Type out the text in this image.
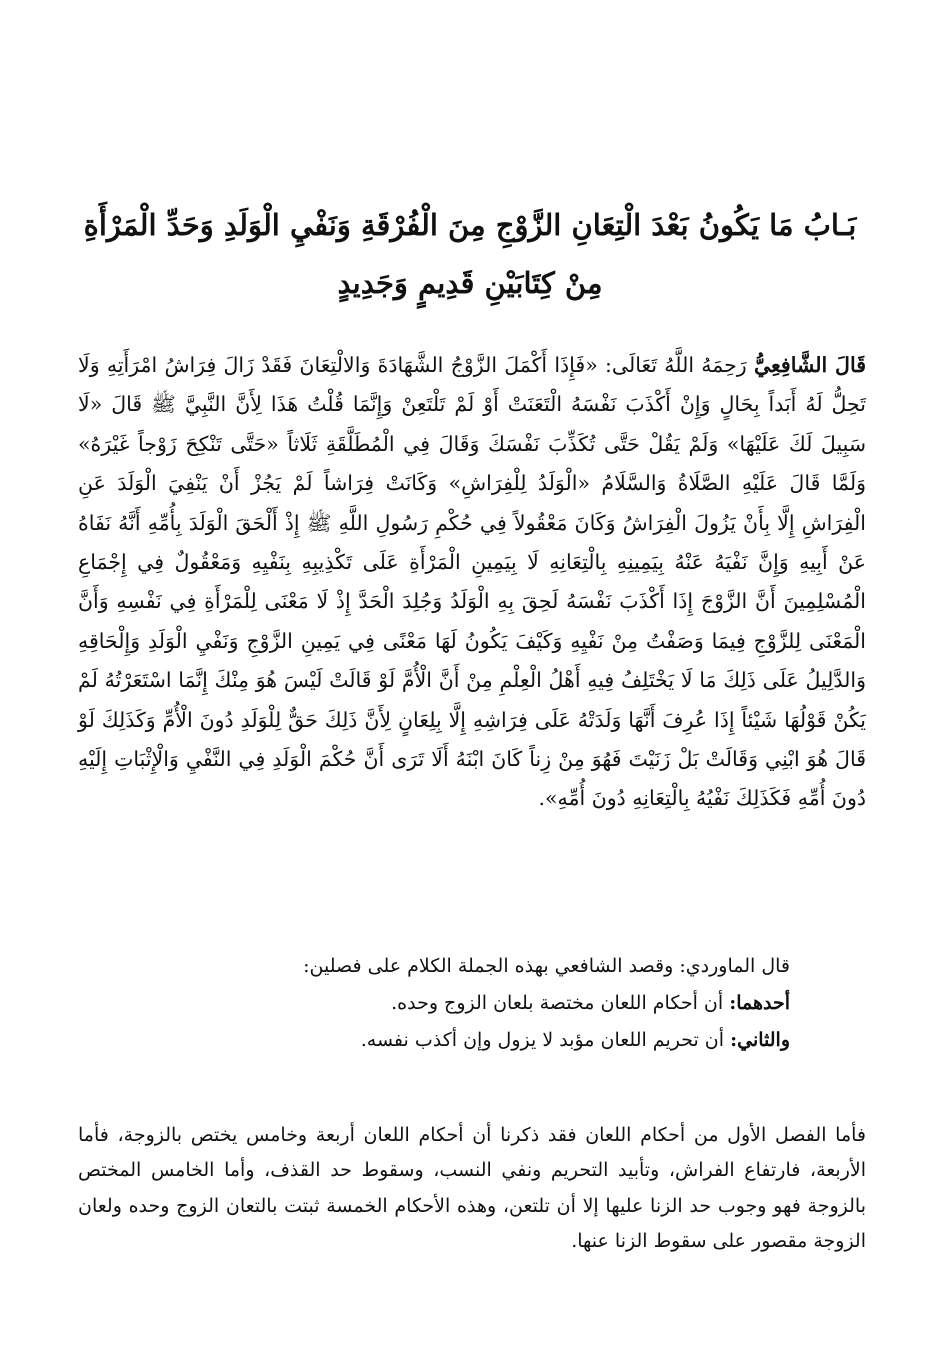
بَـابُ مَا يَكُونُ بَعْدَ الْتِعَانِ الزَّوْجِ مِنَ الْفُرْقَةِ وَنَفْيِ الْوَلَدِ وَحَدِّ الْمَرْأَةِ مِنْ كِتَابَيْنِ قَدِيمٍ وَجَدِيدٍ

قَالَ الشَّافِعِيُّ رَحِمَهُ اللَّهُ تَعَالَى: «فَإِذَا أَكْمَلَ الزَّوْجُ الشَّهَادَةَ وَالالْتِعَانَ فَقَدْ زَالَ فِرَاشُ امْرَأَتِهِ وَلَا تَحِلُّ لَهُ أَبَداً بِحَالٍ وَإِنْ أَكْذَبَ نَفْسَهُ الْتَعَنَتْ أَوْ لَمْ تَلْتَعِنْ وَإِنَّمَا قُلْتُ هَذَا لِأَنَّ النَّبِيَّ ﷺ قَالَ «لَا سَبِيلَ لَكَ عَلَيْهَا» وَلَمْ يَقُلْ حَتَّى تُكَذِّبَ نَفْسَكَ وَقَالَ فِي الْمُطَلَّقَةِ ثَلَاثاً «حَتَّى تَنْكِحَ زَوْجاً غَيْرَهُ» وَلَمَّا قَالَ عَلَيْهِ الصَّلَاةُ وَالسَّلَامُ «الْوَلَدُ لِلْفِرَاشِ» وَكَانَتْ فِرَاشاً لَمْ يَجُزْ أَنْ يَنْفِيَ الْوَلَدَ عَنِ الْفِرَاشِ إِلَّا بِأَنْ يَزُولَ الْفِرَاشُ وَكَانَ مَعْقُولاً فِي حُكْمِ رَسُولِ اللَّهِ ﷺ إِذْ أَلْحَقَ الْوَلَدَ بِأُمِّهِ أَنَّهُ نَفَاهُ عَنْ أَبِيهِ وَإِنَّ نَفْيَهُ عَنْهُ بِيَمِينِهِ بِالْتِعَانِهِ لَا بِيَمِينِ الْمَرْأَةِ عَلَى تَكْذِيبِهِ بِنَفْيِهِ وَمَعْقُولٌ فِي إِجْمَاعِ الْمُسْلِمِينَ أَنَّ الزَّوْجَ إِذَا أَكْذَبَ نَفْسَهُ لَحِقَ بِهِ الْوَلَدُ وَجُلِدَ الْحَدَّ إِذْ لَا مَعْنَى لِلْمَرْأَةِ فِي نَفْسِهِ وَأَنَّ الْمَعْنَى لِلزَّوْجِ فِيمَا وَصَفْتُ مِنْ نَفْيِهِ وَكَيْفَ يَكُونُ لَهَا مَعْنًى فِي يَمِينِ الزَّوْجِ وَنَفْيِ الْوَلَدِ وَإِلْحَاقِهِ وَالدَّلِيلُ عَلَى ذَلِكَ مَا لَا يَخْتَلِفُ فِيهِ أَهْلُ الْعِلْمِ مِنْ أَنَّ الْأُمَّ لَوْ قَالَتْ لَيْسَ هُوَ مِنْكَ إِنَّمَا اسْتَعَرْتُهُ لَمْ يَكُنْ قَوْلُهَا شَيْئاً إِذَا عُرِفَ أَنَّهَا وَلَدَتْهُ عَلَى فِرَاشِهِ إِلَّا بِلِعَانٍ لِأَنَّ ذَلِكَ حَقٌّ لِلْوَلَدِ دُونَ الْأُمِّ وَكَذَلِكَ لَوْ قَالَ هُوَ ابْنِي وَقَالَتْ بَلْ زَنَيْتَ فَهُوَ مِنْ زِناً كَانَ ابْنَهُ أَلَا تَرَى أَنَّ حُكْمَ الْوَلَدِ فِي النَّفْيِ وَالْإِثْبَاتِ إِلَيْهِ دُونَ أُمِّهِ فَكَذَلِكَ نَفْيُهُ بِالْتِعَانِهِ دُونَ أُمِّهِ».

قال الماوردي: وقصد الشافعي بهذه الجملة الكلام على فصلين:
أحدهما: أن أحكام اللعان مختصة بلعان الزوج وحده.
والثاني: أن تحريم اللعان مؤبد لا يزول وإن أكذب نفسه.

فأما الفصل الأول من أحكام اللعان فقد ذكرنا أن أحكام اللعان أربعة وخامس يختص بالزوجة، فأما الأربعة، فارتفاع الفراش، وتأبيد التحريم ونفي النسب، وسقوط حد القذف، وأما الخامس المختص بالزوجة فهو وجوب حد الزنا عليها إلا أن تلتعن، وهذه الأحكام الخمسة ثبتت بالتعان الزوج وحده ولعان الزوجة مقصور على سقوط الزنا عنها.
